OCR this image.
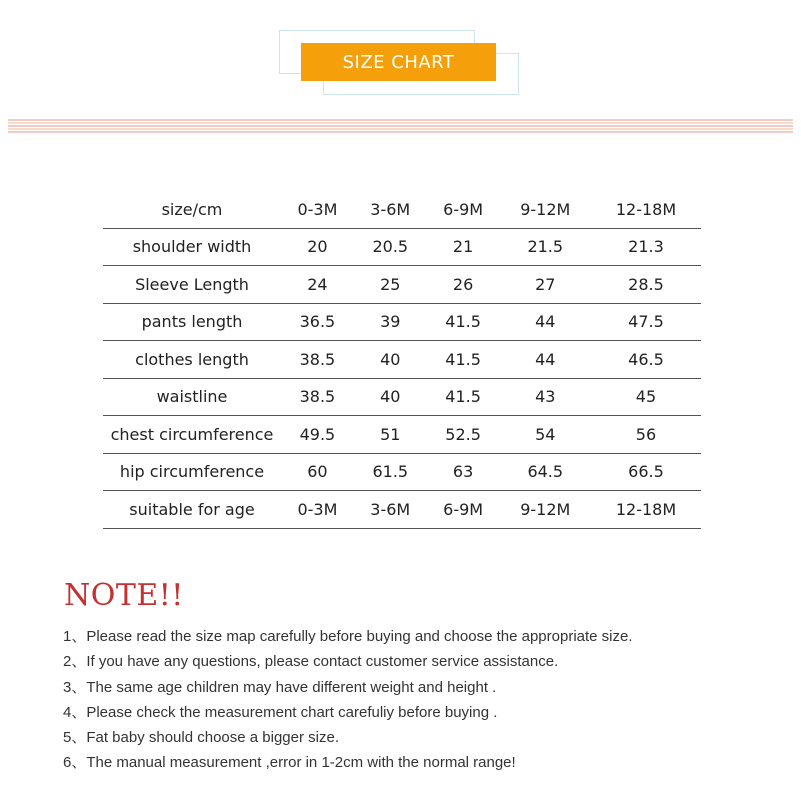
SIZE CHART
size/cm	0-3M	3-6M	6-9M	9-12M	12-18M
shoulder width	20	20.5	21	21.5	21.3
Sleeve Length	24	25	26	27	28.5
pants length	36.5	39	41.5	44	47.5
clothes length	38.5	40	41.5	44	46.5
waistline	38.5	40	41.5	43	45
chest circumference	49.5	51	52.5	54	56
hip circumference	60	61.5	63	64.5	66.5
suitable for age	0-3M	3-6M	6-9M	9-12M	12-18M
NOTE!!
1、Please read the size map carefully before buying and choose the appropriate size.
2、If you have any questions, please contact customer service assistance.
3、The same age children may have different weight and height .
4、Please check the measurement chart carefuliy before buying .
5、Fat baby should choose a bigger size.
6、The manual measurement ,error in 1-2cm with the normal range!
